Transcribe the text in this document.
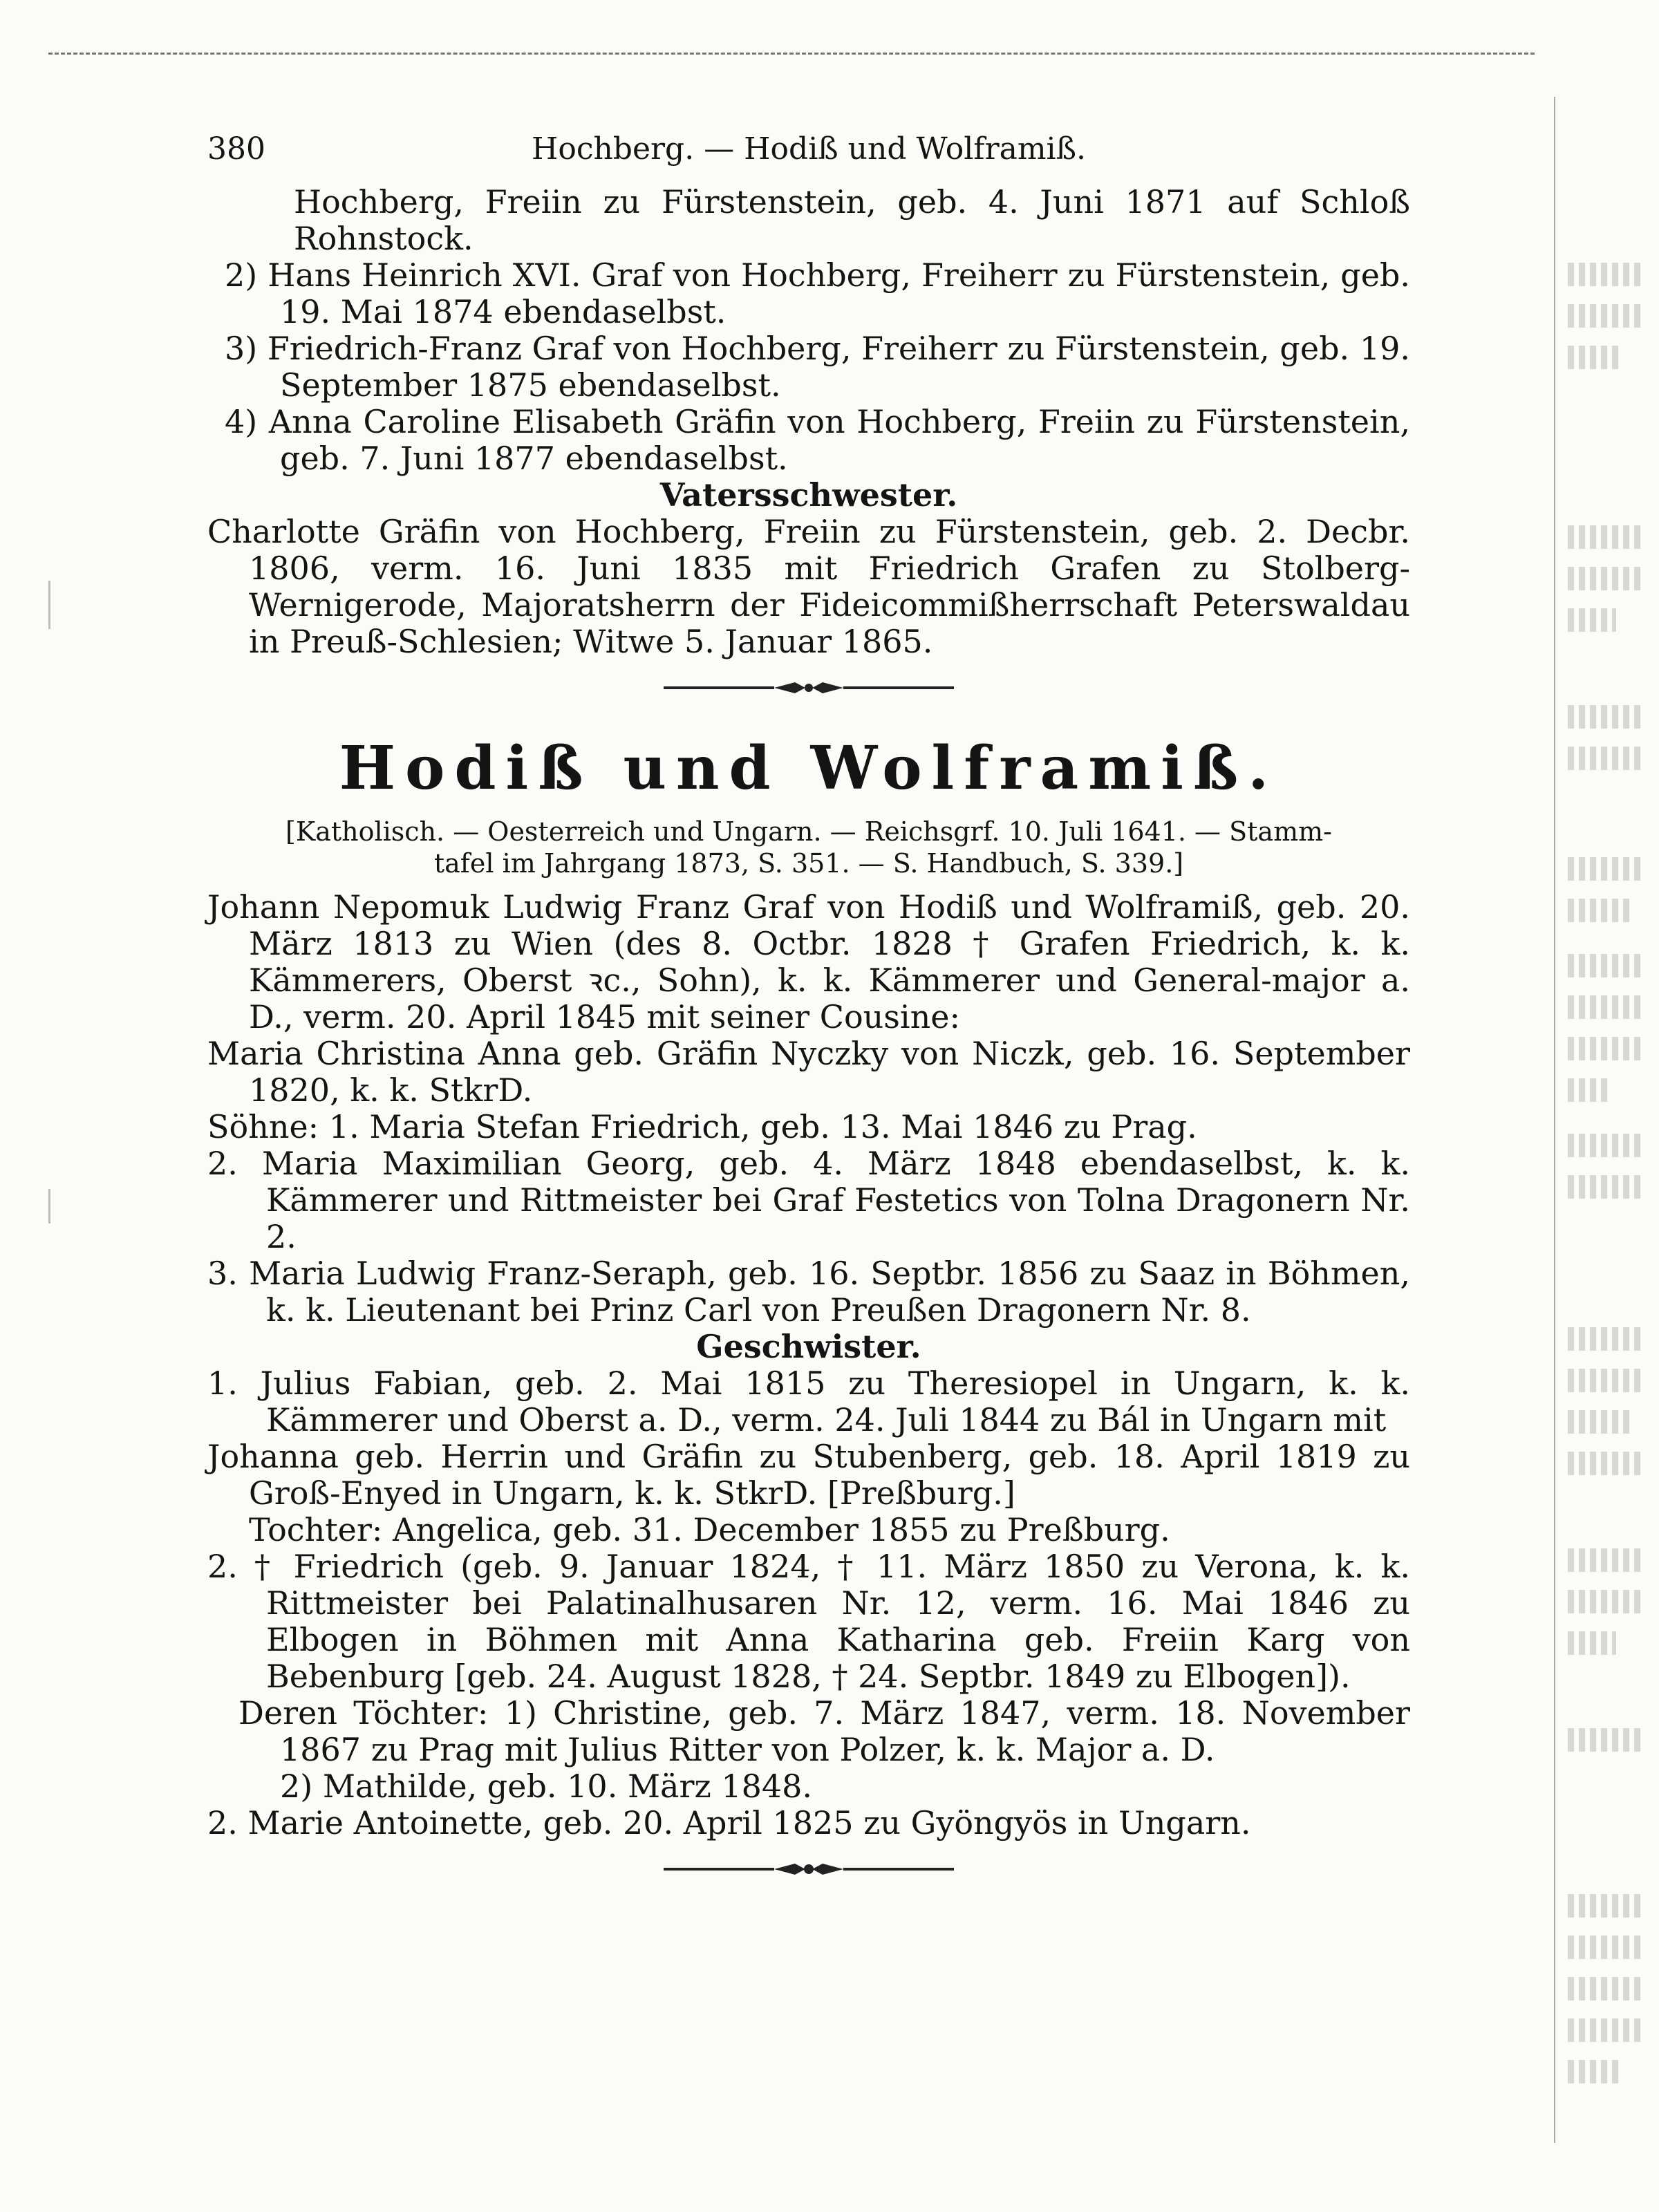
380	Hochberg. — Hodiß und Wolframiß.

Hochberg, Freiin zu Fürstenstein, geb. 4. Juni 1871 auf Schloß Rohnstock.

2) Hans Heinrich XVI. Graf von Hochberg, Freiherr zu Fürstenstein, geb. 19. Mai 1874 ebendaselbst.

3) Friedrich-Franz Graf von Hochberg, Freiherr zu Fürstenstein, geb. 19. September 1875 ebendaselbst.

4) Anna Caroline Elisabeth Gräfin von Hochberg, Freiin zu Fürstenstein, geb. 7. Juni 1877 ebendaselbst.

Vatersschwester.

Charlotte Gräfin von Hochberg, Freiin zu Fürstenstein, geb. 2. Decbr. 1806, verm. 16. Juni 1835 mit Friedrich Grafen zu Stolberg-Wernigerode, Majoratsherrn der Fideicommißherrschaft Peterswaldau in Preuß-Schlesien; Witwe 5. Januar 1865.

Hodiß und Wolframiß.
[Katholisch. — Oesterreich und Ungarn. — Reichsgrf. 10. Juli 1641. — Stamm-
tafel im Jahrgang 1873, S. 351. — S. Handbuch, S. 339.]

Johann Nepomuk Ludwig Franz Graf von Hodiß und Wolframiß, geb. 20. März 1813 zu Wien (des 8. Octbr. 1828 † Grafen Friedrich, k. k. Kämmerers, Oberst ꝛc., Sohn), k. k. Kämmerer und General-major a. D., verm. 20. April 1845 mit seiner Cousine:

Maria Christina Anna geb. Gräfin Nyczky von Niczk, geb. 16. September 1820, k. k. StkrD.

Söhne: 1. Maria Stefan Friedrich, geb. 13. Mai 1846 zu Prag.

2. Maria Maximilian Georg, geb. 4. März 1848 ebendaselbst, k. k. Kämmerer und Rittmeister bei Graf Festetics von Tolna Dragonern Nr. 2.

3. Maria Ludwig Franz-Seraph, geb. 16. Septbr. 1856 zu Saaz in Böhmen, k. k. Lieutenant bei Prinz Carl von Preußen Dragonern Nr. 8.

Geschwister.

1. Julius Fabian, geb. 2. Mai 1815 zu Theresiopel in Ungarn, k. k. Kämmerer und Oberst a. D., verm. 24. Juli 1844 zu Bál in Ungarn mit

Johanna geb. Herrin und Gräfin zu Stubenberg, geb. 18. April 1819 zu Groß-Enyed in Ungarn, k. k. StkrD. [Preßburg.]

Tochter: Angelica, geb. 31. December 1855 zu Preßburg.

2. † Friedrich (geb. 9. Januar 1824, † 11. März 1850 zu Verona, k. k. Rittmeister bei Palatinalhusaren Nr. 12, verm. 16. Mai 1846 zu Elbogen in Böhmen mit Anna Katharina geb. Freiin Karg von Bebenburg [geb. 24. August 1828, † 24. Septbr. 1849 zu Elbogen]).

Deren Töchter: 1) Christine, geb. 7. März 1847, verm. 18. November 1867 zu Prag mit Julius Ritter von Polzer, k. k. Major a. D.

2) Mathilde, geb. 10. März 1848.

2. Marie Antoinette, geb. 20. April 1825 zu Gyöngyös in Ungarn.
